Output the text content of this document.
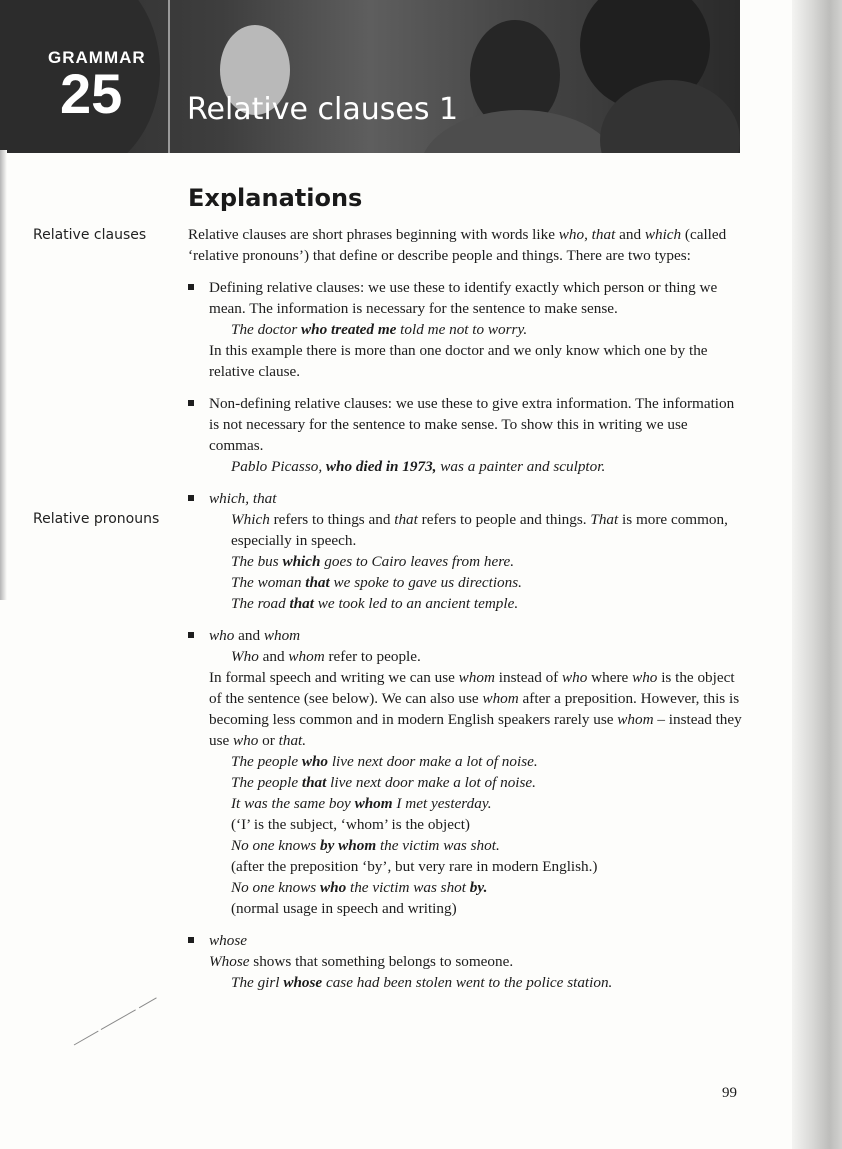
GRAMMAR
25 Relative clauses 1
Explanations
Relative clauses
Relative pronouns

Relative clauses are short phrases beginning with words like who, that and which (called ‘relative pronouns’) that define or describe people and things. There are two types:

Defining relative clauses: we use these to identify exactly which person or thing we mean. The information is necessary for the sentence to make sense.

The doctor who treated me told me not to worry.

In this example there is more than one doctor and we only know which one by the relative clause.

Non-defining relative clauses: we use these to give extra information. The information is not necessary for the sentence to make sense. To show this in writing we use commas.

Pablo Picasso, who died in 1973, was a painter and sculptor.

which, that

Which refers to things and that refers to people and things. That is more common, especially in speech.

The bus which goes to Cairo leaves from here.

The woman that we spoke to gave us directions.

The road that we took led to an ancient temple.

who and whom

Who and whom refer to people.

In formal speech and writing we can use whom instead of who where who is the object of the sentence (see below). We can also use whom after a preposition. However, this is becoming less common and in modern English speakers rarely use whom – instead they use who or that.

The people who live next door make a lot of noise.

The people that live next door make a lot of noise.

It was the same boy whom I met yesterday.

(‘I’ is the subject, ‘whom’ is the object)

No one knows by whom the victim was shot.

(after the preposition ‘by’, but very rare in modern English.)

No one knows who the victim was shot by.

(normal usage in speech and writing)

whose

Whose shows that something belongs to someone.

The girl whose case had been stolen went to the police station.

99
